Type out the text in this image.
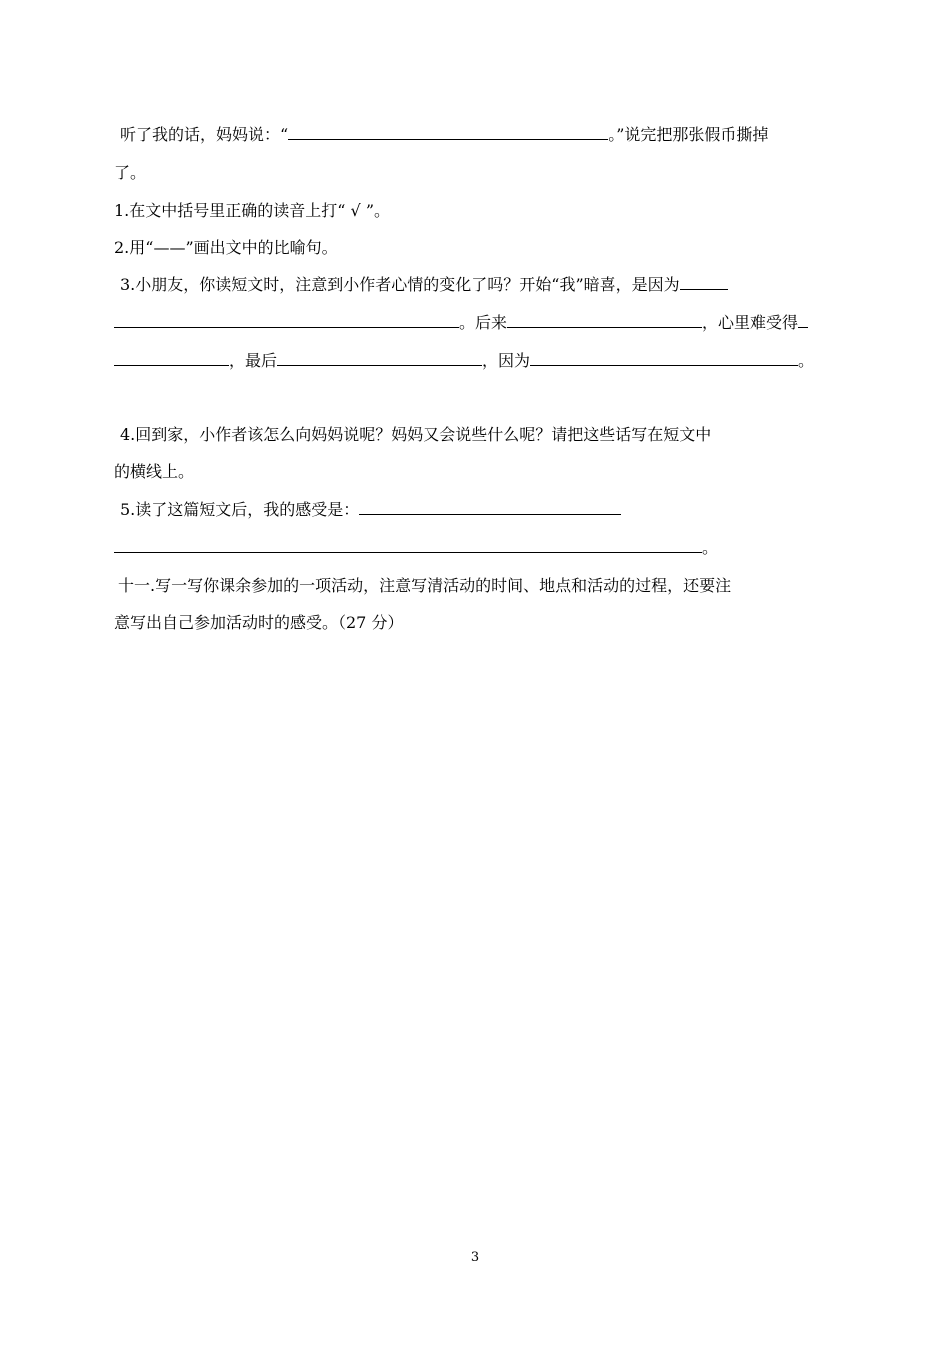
听了我的话，妈妈说：“	。”说完把那张假币撕掉
了。
1.在文中括号里正确的读音上打“ √ ”。
2.用“——”画出文中的比喻句。
3.小朋友，你读短文时，注意到小作者心情的变化了吗？开始“我”暗喜，是因为
。后来	，心里难受得
，最后	，因为	。
4.回到家，小作者该怎么向妈妈说呢？妈妈又会说些什么呢？请把这些话写在短文中
的横线上。
5.读了这篇短文后，我的感受是：
。
十一.写一写你课余参加的一项活动，注意写清活动的时间、地点和活动的过程，还要注
意写出自己参加活动时的感受。（27 分）
3
